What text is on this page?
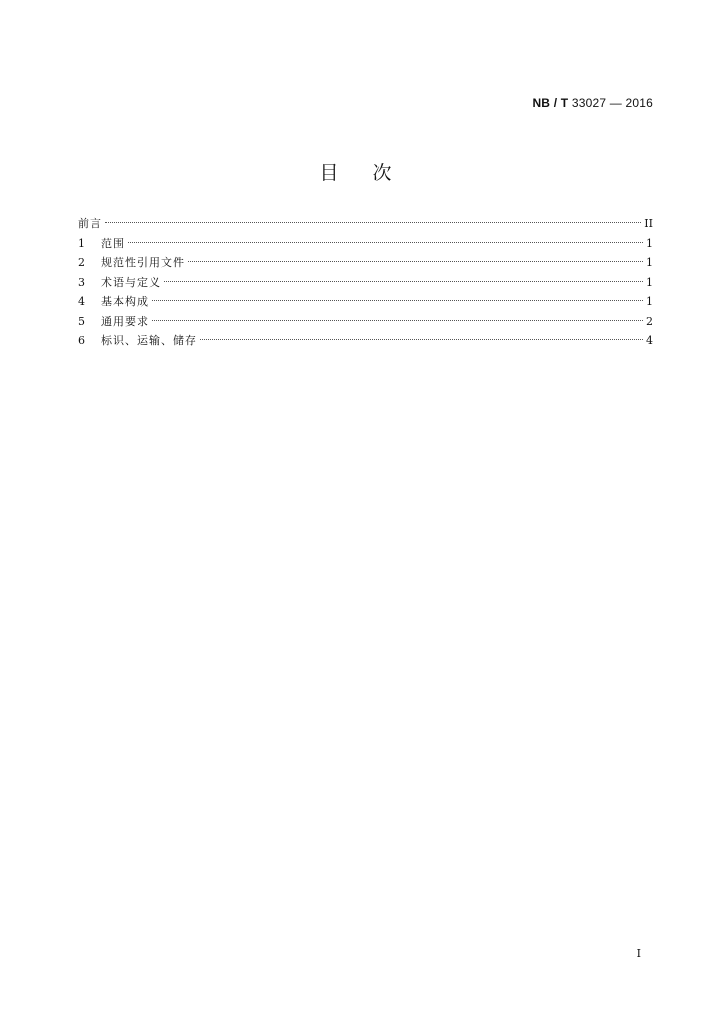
NB / T 33027 — 2016
目次
前言	II
1	范围	1
2	规范性引用文件	1
3	术语与定义	1
4	基本构成	1
5	通用要求	2
6	标识、运输、储存	4
I
